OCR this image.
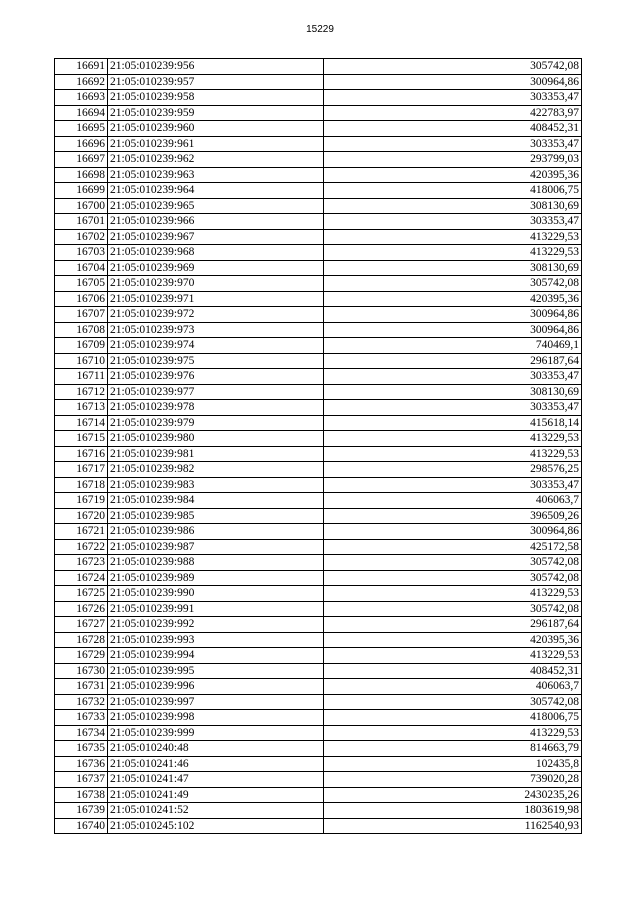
15229
16691	21:05:010239:956	305742,08
16692	21:05:010239:957	300964,86
16693	21:05:010239:958	303353,47
16694	21:05:010239:959	422783,97
16695	21:05:010239:960	408452,31
16696	21:05:010239:961	303353,47
16697	21:05:010239:962	293799,03
16698	21:05:010239:963	420395,36
16699	21:05:010239:964	418006,75
16700	21:05:010239:965	308130,69
16701	21:05:010239:966	303353,47
16702	21:05:010239:967	413229,53
16703	21:05:010239:968	413229,53
16704	21:05:010239:969	308130,69
16705	21:05:010239:970	305742,08
16706	21:05:010239:971	420395,36
16707	21:05:010239:972	300964,86
16708	21:05:010239:973	300964,86
16709	21:05:010239:974	740469,1
16710	21:05:010239:975	296187,64
16711	21:05:010239:976	303353,47
16712	21:05:010239:977	308130,69
16713	21:05:010239:978	303353,47
16714	21:05:010239:979	415618,14
16715	21:05:010239:980	413229,53
16716	21:05:010239:981	413229,53
16717	21:05:010239:982	298576,25
16718	21:05:010239:983	303353,47
16719	21:05:010239:984	406063,7
16720	21:05:010239:985	396509,26
16721	21:05:010239:986	300964,86
16722	21:05:010239:987	425172,58
16723	21:05:010239:988	305742,08
16724	21:05:010239:989	305742,08
16725	21:05:010239:990	413229,53
16726	21:05:010239:991	305742,08
16727	21:05:010239:992	296187,64
16728	21:05:010239:993	420395,36
16729	21:05:010239:994	413229,53
16730	21:05:010239:995	408452,31
16731	21:05:010239:996	406063,7
16732	21:05:010239:997	305742,08
16733	21:05:010239:998	418006,75
16734	21:05:010239:999	413229,53
16735	21:05:010240:48	814663,79
16736	21:05:010241:46	102435,8
16737	21:05:010241:47	739020,28
16738	21:05:010241:49	2430235,26
16739	21:05:010241:52	1803619,98
16740	21:05:010245:102	1162540,93
